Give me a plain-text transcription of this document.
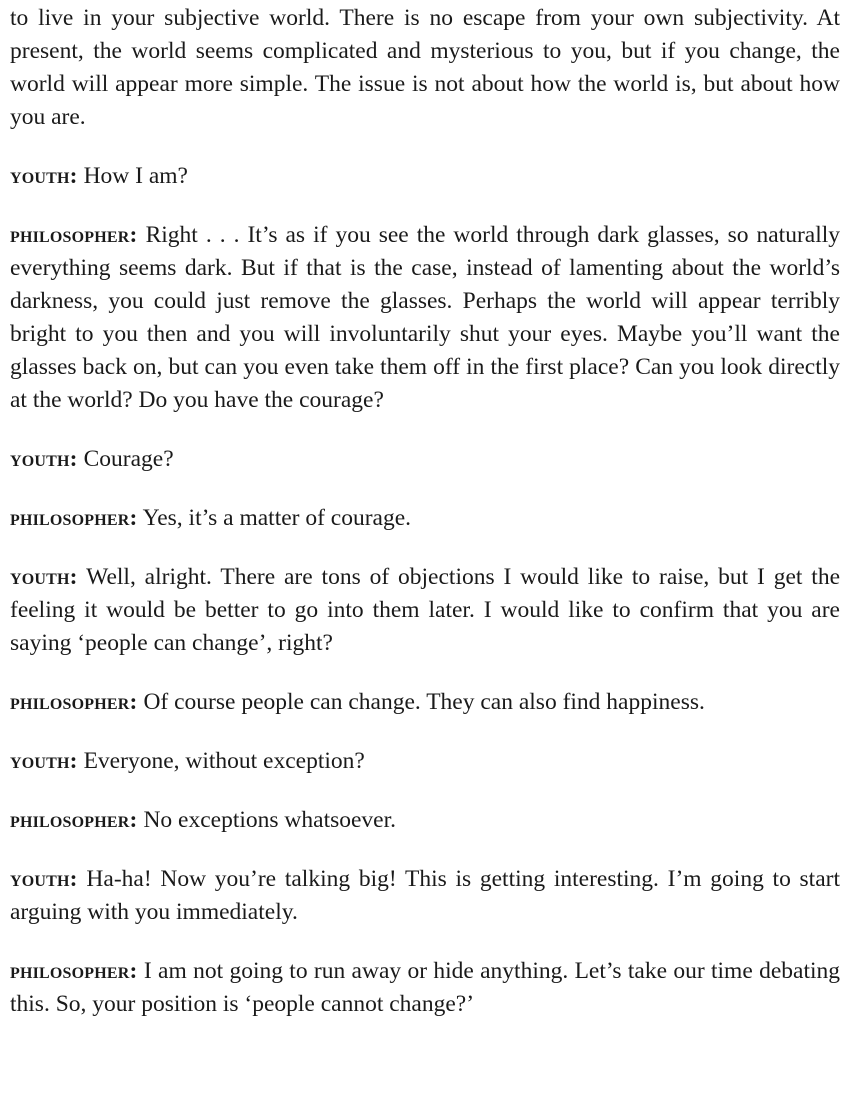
to live in your subjective world. There is no escape from your own subjectivity. At present, the world seems complicated and mysterious to you, but if you change, the world will appear more simple. The issue is not about how the world is, but about how you are.

youth: How I am?

philosopher: Right . . . It’s as if you see the world through dark glasses, so naturally everything seems dark. But if that is the case, instead of lamenting about the world’s darkness, you could just remove the glasses. Perhaps the world will appear terribly bright to you then and you will involuntarily shut your eyes. Maybe you’ll want the glasses back on, but can you even take them off in the first place? Can you look directly at the world? Do you have the courage?

youth: Courage?

philosopher: Yes, it’s a matter of courage.

youth: Well, alright. There are tons of objections I would like to raise, but I get the feeling it would be better to go into them later. I would like to confirm that you are saying ‘people can change’, right?

philosopher: Of course people can change. They can also find happiness.

youth: Everyone, without exception?

philosopher: No exceptions whatsoever.

youth: Ha-ha! Now you’re talking big! This is getting interesting. I’m going to start arguing with you immediately.

philosopher: I am not going to run away or hide anything. Let’s take our time debating this. So, your position is ‘people cannot change?’
